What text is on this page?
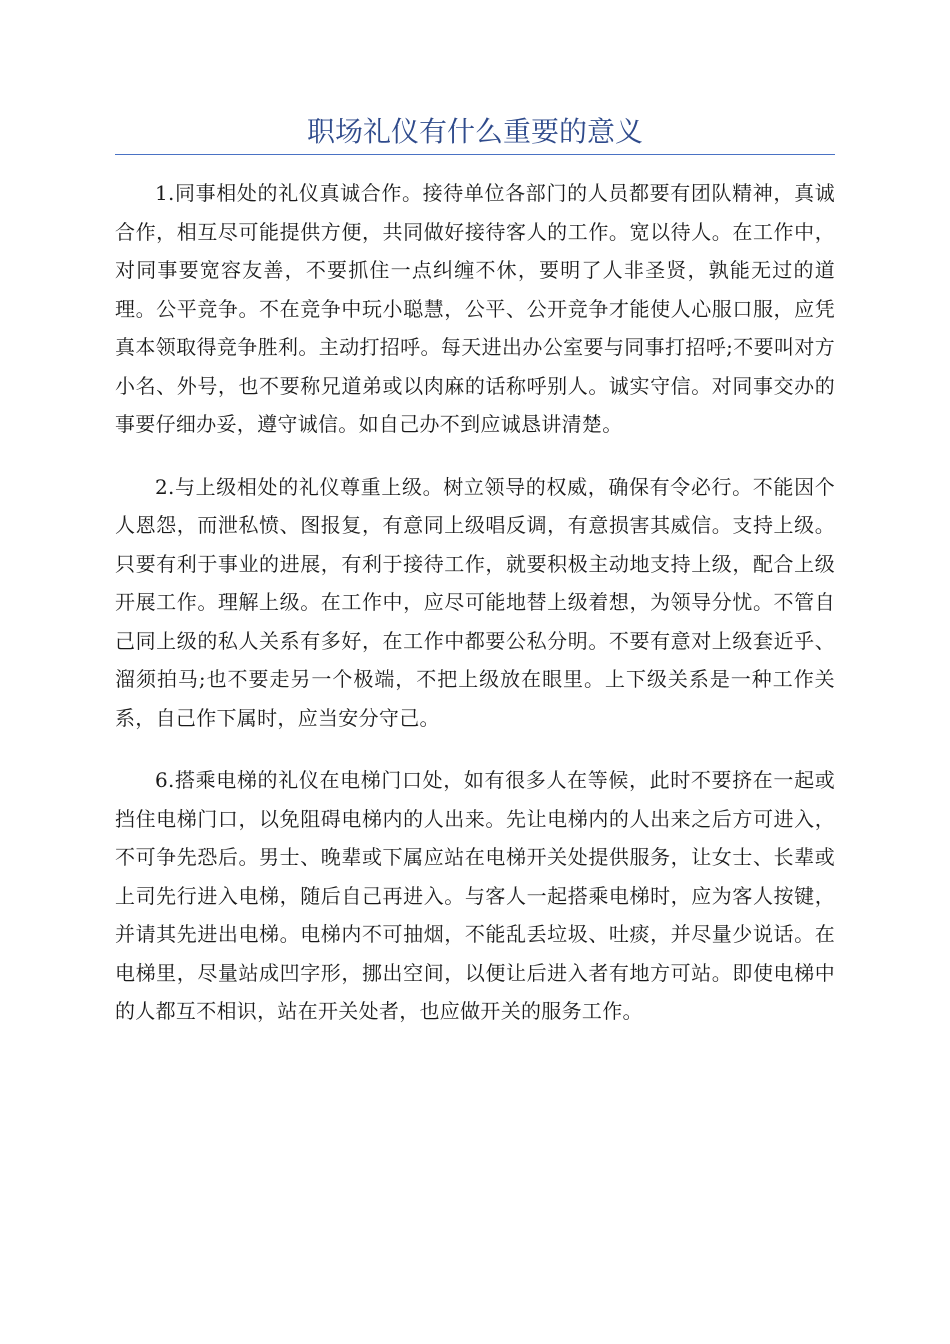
职场礼仪有什么重要的意义

1.同事相处的礼仪真诚合作。接待单位各部门的人员都要有团队精神，真诚合作，相互尽可能提供方便，共同做好接待客人的工作。宽以待人。在工作中，对同事要宽容友善，不要抓住一点纠缠不休，要明了人非圣贤，孰能无过的道理。公平竞争。不在竞争中玩小聪慧，公平、公开竞争才能使人心服口服，应凭真本领取得竞争胜利。主动打招呼。每天进出办公室要与同事打招呼;不要叫对方小名、外号，也不要称兄道弟或以肉麻的话称呼别人。诚实守信。对同事交办的事要仔细办妥，遵守诚信。如自己办不到应诚恳讲清楚。

2.与上级相处的礼仪尊重上级。树立领导的权威，确保有令必行。不能因个人恩怨，而泄私愤、图报复，有意同上级唱反调，有意损害其威信。支持上级。只要有利于事业的进展，有利于接待工作，就要积极主动地支持上级，配合上级开展工作。理解上级。在工作中，应尽可能地替上级着想，为领导分忧。不管自己同上级的私人关系有多好，在工作中都要公私分明。不要有意对上级套近乎、溜须拍马;也不要走另一个极端，不把上级放在眼里。上下级关系是一种工作关系，自己作下属时，应当安分守己。

6.搭乘电梯的礼仪在电梯门口处，如有很多人在等候，此时不要挤在一起或挡住电梯门口，以免阻碍电梯内的人出来。先让电梯内的人出来之后方可进入，不可争先恐后。男士、晚辈或下属应站在电梯开关处提供服务，让女士、长辈或上司先行进入电梯，随后自己再进入。与客人一起搭乘电梯时，应为客人按键，并请其先进出电梯。电梯内不可抽烟，不能乱丢垃圾、吐痰，并尽量少说话。在电梯里，尽量站成凹字形，挪出空间，以便让后进入者有地方可站。即使电梯中的人都互不相识，站在开关处者，也应做开关的服务工作。
